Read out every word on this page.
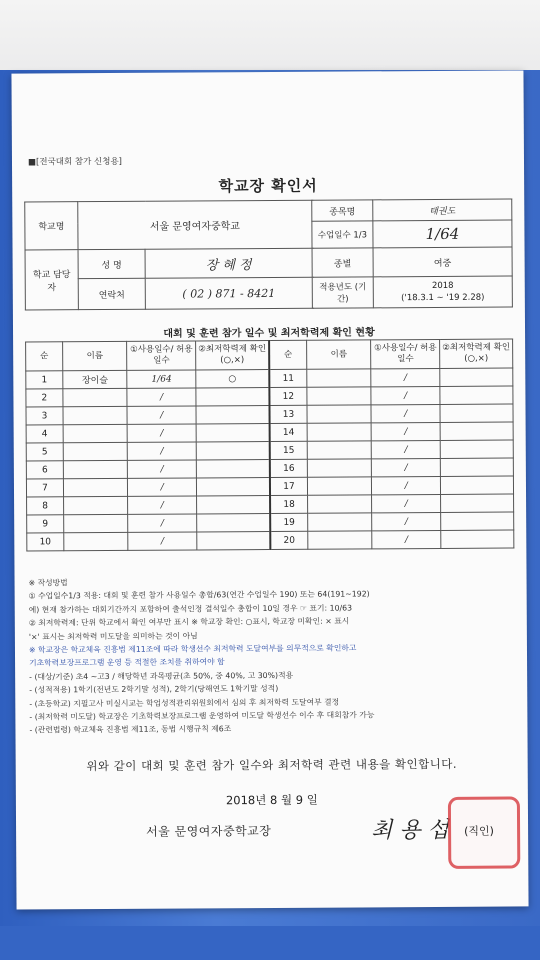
■[전국대회 참가 신청용]
학교장 확인서
학교명	서울 문영여자중학교		종목명	태권도
			수업일수 1/3	1/64
학교 담당자	성 명	장 혜 정	종별	여중
	연락처	( 02 ) 871 - 8421	적용년도 (기간)	2018
('18.3.1 ~ '19 2.28)
대회 및 훈련 참가 일수 및 최저학력제 확인 현황
순	이름	①사용일수/ 허용일수	②최저학력제 확인(○,×)	순	이름	①사용일수/ 허용일수	②최저학력제 확인(○,×)
1	장이슬	1/64	○	11		/	
2		/		12		/	
3		/		13		/	
4		/		14		/	
5		/		15		/	
6		/		16		/	
7		/		17		/	
8		/		18		/	
9		/		19		/	
10		/		20		/	
※ 작성방법
① 수업일수1/3 적용: 대회 및 훈련 참가 사용일수 총합/63(연간 수업일수 190) 또는 64(191~192)
예) 현재 참가하는 대회기간까지 포함하여 출석인정 결석일수 총합이 10일 경우 ☞ 표기: 10/63
② 최저학력제: 단위 학교에서 확인 여부만 표시 ※ 학교장 확인: ○표시, 학교장 미확인: × 표시
'×' 표시는 최저학력 미도달을 의미하는 것이 아님
※ 학교장은 학교체육 진흥법 제11조에 따라 학생선수 최저학력 도달여부를 의무적으로 확인하고
기초학력보장프로그램 운영 등 적절한 조치를 취하여야 함
- (대상/기준) 초4 ~고3 / 해당학년 과목평균(초 50%, 중 40%, 고 30%)적용
- (성적적용) 1학기(전년도 2학기말 성적), 2학기(당해연도 1학기말 성적)
- (초등학교) 지필고사 미실시교는 학업성적관리위원회에서 심의 후 최저학력 도달여부 결정
- (최저학력 미도달) 학교장은 기초학력보장프로그램 운영하여 미도달 학생선수 이수 후 대회참가 가능
- (관련법령) 학교체육 진흥법 제11조, 동법 시행규칙 제6조
위와 같이 대회 및 훈련 참가 일수와 최저학력 관련 내용을 확인합니다.
2018년 8 월 9 일
서울 문영여자중학교장	최 용 섭 (직인)
